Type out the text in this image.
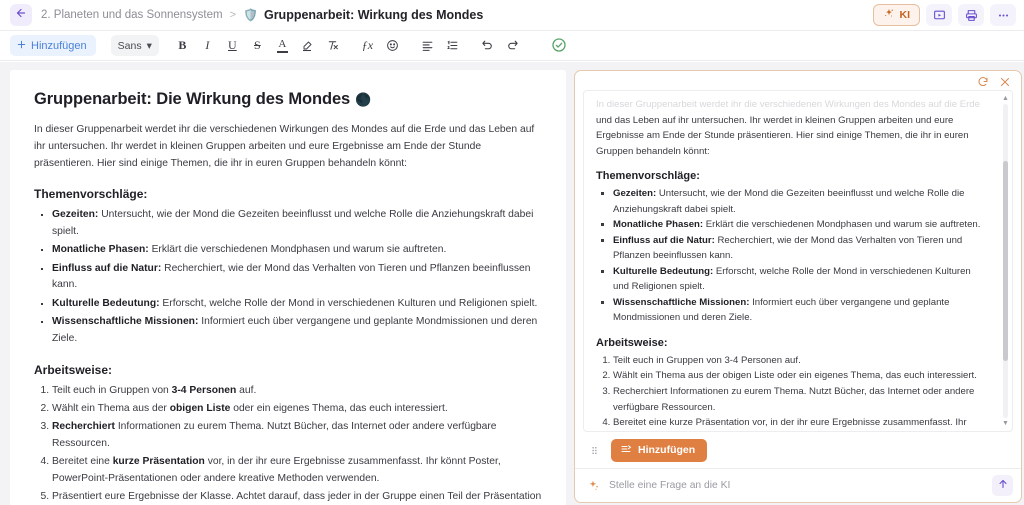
2. Planeten und das Sonnensystem > 🛡️ Gruppenarbeit: Wirkung des Mondes	KI
Hinzufügen	Sans ▾ B I U S A	ƒx
Gruppenarbeit: Die Wirkung des Mondes 🌑

In dieser Gruppenarbeit werdet ihr die verschiedenen Wirkungen des Mondes auf die Erde und das Leben auf ihr untersuchen. Ihr werdet in kleinen Gruppen arbeiten und eure Ergebnisse am Ende der Stunde präsentieren. Hier sind einige Themen, die ihr in euren Gruppen behandeln könnt:

Themenvorschläge:
▪ Gezeiten: Untersucht, wie der Mond die Gezeiten beeinflusst und welche Rolle die Anziehungskraft dabei spielt.
▪ Monatliche Phasen: Erklärt die verschiedenen Mondphasen und warum sie auftreten.
▪ Einfluss auf die Natur: Recherchiert, wie der Mond das Verhalten von Tieren und Pflanzen beeinflussen kann.
▪ Kulturelle Bedeutung: Erforscht, welche Rolle der Mond in verschiedenen Kulturen und Religionen spielt.
▪ Wissenschaftliche Missionen: Informiert euch über vergangene und geplante Mondmissionen und deren Ziele.
Arbeitsweise:
1. Teilt euch in Gruppen von 3-4 Personen auf.
2. Wählt ein Thema aus der obigen Liste oder ein eigenes Thema, das euch interessiert.
3. Recherchiert Informationen zu eurem Thema. Nutzt Bücher, das Internet oder andere verfügbare Ressourcen.
4. Bereitet eine kurze Präsentation vor, in der ihr eure Ergebnisse zusammenfasst. Ihr könnt Poster, PowerPoint-Präsentationen oder andere kreative Methoden verwenden.
5. Präsentiert eure Ergebnisse der Klasse. Achtet darauf, dass jeder in der Gruppe einen Teil der Präsentation

In dieser Gruppenarbeit werdet ihr die verschiedenen Wirkungen des Mondes auf die Erde

und das Leben auf ihr untersuchen. Ihr werdet in kleinen Gruppen arbeiten und eure Ergebnisse am Ende der Stunde präsentieren. Hier sind einige Themen, die ihr in euren Gruppen behandeln könnt:

Themenvorschläge:
▪ Gezeiten: Untersucht, wie der Mond die Gezeiten beeinflusst und welche Rolle die Anziehungskraft dabei spielt.
▪ Monatliche Phasen: Erklärt die verschiedenen Mondphasen und warum sie auftreten.
▪ Einfluss auf die Natur: Recherchiert, wie der Mond das Verhalten von Tieren und Pflanzen beeinflussen kann.
▪ Kulturelle Bedeutung: Erforscht, welche Rolle der Mond in verschiedenen Kulturen und Religionen spielt.
▪ Wissenschaftliche Missionen: Informiert euch über vergangene und geplante Mondmissionen und deren Ziele.
Arbeitsweise:
1. Teilt euch in Gruppen von 3-4 Personen auf.
2. Wählt ein Thema aus der obigen Liste oder ein eigenes Thema, das euch interessiert.
3. Recherchiert Informationen zu eurem Thema. Nutzt Bücher, das Internet oder andere verfügbare Ressourcen.
4. Bereitet eine kurze Präsentation vor, in der ihr eure Ergebnisse zusammenfasst. Ihr

▲
▼
Hinzufügen
Stelle eine Frage an die KI
